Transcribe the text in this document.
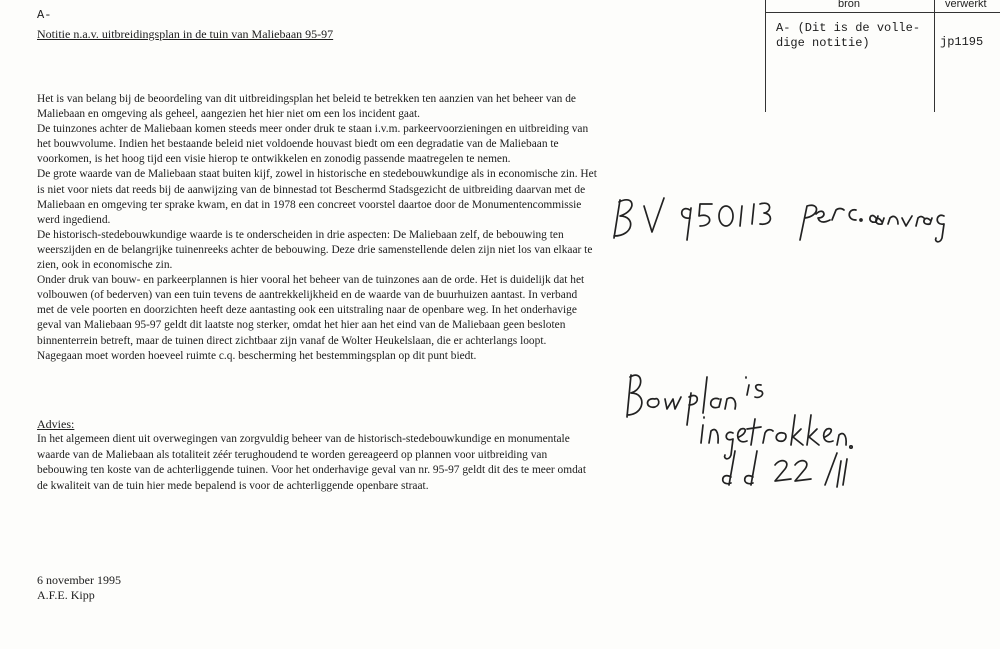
A-
Notitie n.a.v. uitbreidingsplan in de tuin van Maliebaan 95-97
bron	verwerkt
A- (Dit is de volle-
dige notitie)	jp1195

Het is van belang bij de beoordeling van dit uitbreidingsplan het beleid te betrekken ten aanzien van het beheer van de Maliebaan en omgeving als geheel, aangezien het hier niet om een los incident gaat.

De tuinzones achter de Maliebaan komen steeds meer onder druk te staan i.v.m. parkeervoorzieningen en uitbreiding van het bouwvolume. Indien het bestaande beleid niet voldoende houvast biedt om een degradatie van de Maliebaan te voorkomen, is het hoog tijd een visie hierop te ontwikkelen en zonodig passende maatregelen te nemen.

De grote waarde van de Maliebaan staat buiten kijf, zowel in historische en stedebouwkundige als in economische zin. Het is niet voor niets dat reeds bij de aanwijzing van de binnestad tot Beschermd Stadsgezicht de uitbreiding daarvan met de Maliebaan en omgeving ter sprake kwam, en dat in 1978 een concreet voorstel daartoe door de Monumentencommissie werd ingediend.

De historisch-stedebouwkundige waarde is te onderscheiden in drie aspecten: De Maliebaan zelf, de bebouwing ten weerszijden en de belangrijke tuinenreeks achter de bebouwing. Deze drie samenstellende delen zijn niet los van elkaar te zien, ook in economische zin.

Onder druk van bouw- en parkeerplannen is hier vooral het beheer van de tuinzones aan de orde. Het is duidelijk dat het volbouwen (of bederven) van een tuin tevens de aantrekkelijkheid en de waarde van de buurhuizen aantast. In verband met de vele poorten en doorzichten heeft deze aantasting ook een uitstraling naar de openbare weg. In het onderhavige geval van Maliebaan 95-97 geldt dit laatste nog sterker, omdat het hier aan het eind van de Maliebaan geen besloten binnenterrein betreft, maar de tuinen direct zichtbaar zijn vanaf de Wolter Heukelslaan, die er achterlangs loopt.

Nagegaan moet worden hoeveel ruimte c.q. bescherming het bestemmingsplan op dit punt biedt.

Advies:

In het algemeen dient uit overwegingen van zorgvuldig beheer van de historisch-stedebouwkundige en monumentale waarde van de Maliebaan als totaliteit zéér terughoudend te worden gereageerd op plannen voor uitbreiding van bebouwing ten koste van de achterliggende tuinen. Voor het onderhavige geval van nr. 95-97 geldt dit des te meer omdat de kwaliteit van de tuin hier mede bepalend is voor de achterliggende openbare straat.

6 november 1995
A.F.E. Kipp
